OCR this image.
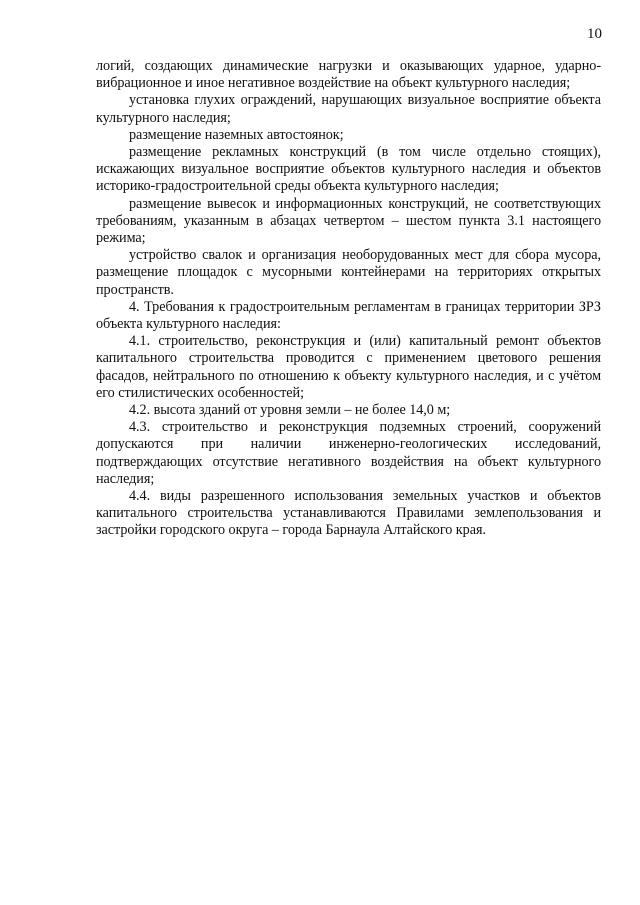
10

логий, создающих динамические нагрузки и оказывающих ударное, ударно-вибрационное и иное негативное воздействие на объект культурного наследия;

установка глухих ограждений, нарушающих визуальное восприятие объекта культурного наследия;

размещение наземных автостоянок;

размещение рекламных конструкций (в том числе отдельно стоящих), искажающих визуальное восприятие объектов культурного наследия и объектов историко-градостроительной среды объекта культурного наследия;

размещение вывесок и информационных конструкций, не соответствующих требованиям, указанным в абзацах четвертом – шестом пункта 3.1 настоящего режима;

устройство свалок и организация необорудованных мест для сбора мусора, размещение площадок с мусорными контейнерами на территориях открытых пространств.

4. Требования к градостроительным регламентам в границах территории ЗРЗ объекта культурного наследия:

4.1. строительство, реконструкция и (или) капитальный ремонт объектов капитального строительства проводится с применением цветового решения фасадов, нейтрального по отношению к объекту культурного наследия, и с учётом его стилистических особенностей;

4.2. высота зданий от уровня земли – не более 14,0 м;

4.3. строительство и реконструкция подземных строений, сооружений допускаются при наличии инженерно-геологических исследований, подтверждающих отсутствие негативного воздействия на объект культурного наследия;

4.4. виды разрешенного использования земельных участков и объектов капитального строительства устанавливаются Правилами землепользования и застройки городского округа – города Барнаула Алтайского края.
